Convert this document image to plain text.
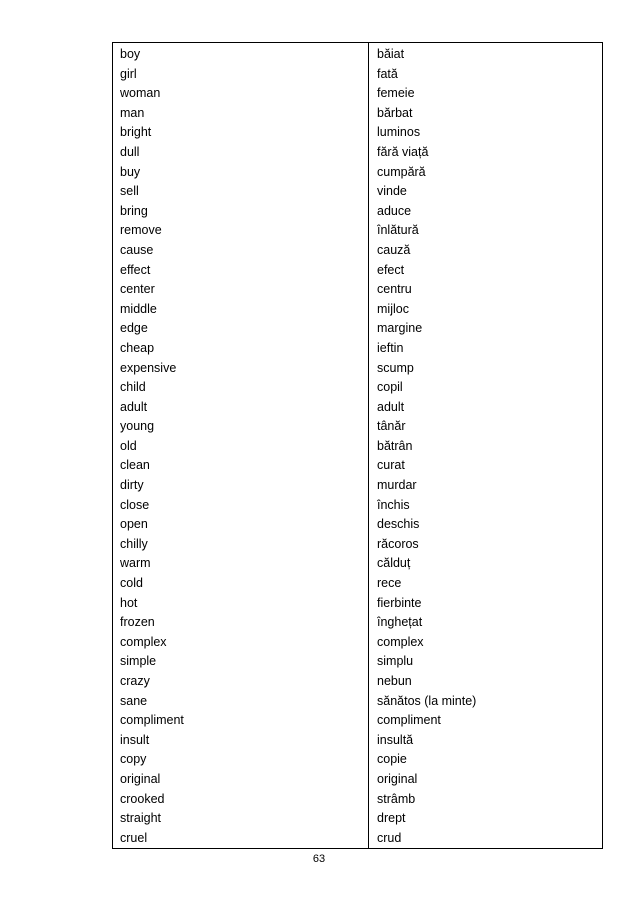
boy
girl
woman
man
bright
dull
buy
sell
bring
remove
cause
effect
center
middle
edge
cheap
expensive
child
adult
young
old
clean
dirty
close
open
chilly
warm
cold
hot
frozen
complex
simple
crazy
sane
compliment
insult
copy
original
crooked
straight
cruel
băiat
fată
femeie
bărbat
luminos
fără viață
cumpără
vinde
aduce
înlătură
cauză
efect
centru
mijloc
margine
ieftin
scump
copil
adult
tânăr
bătrân
curat
murdar
închis
deschis
răcoros
călduț
rece
fierbinte
înghețat
complex
simplu
nebun
sănătos (la minte)
compliment
insultă
copie
original
strâmb
drept
crud
63
